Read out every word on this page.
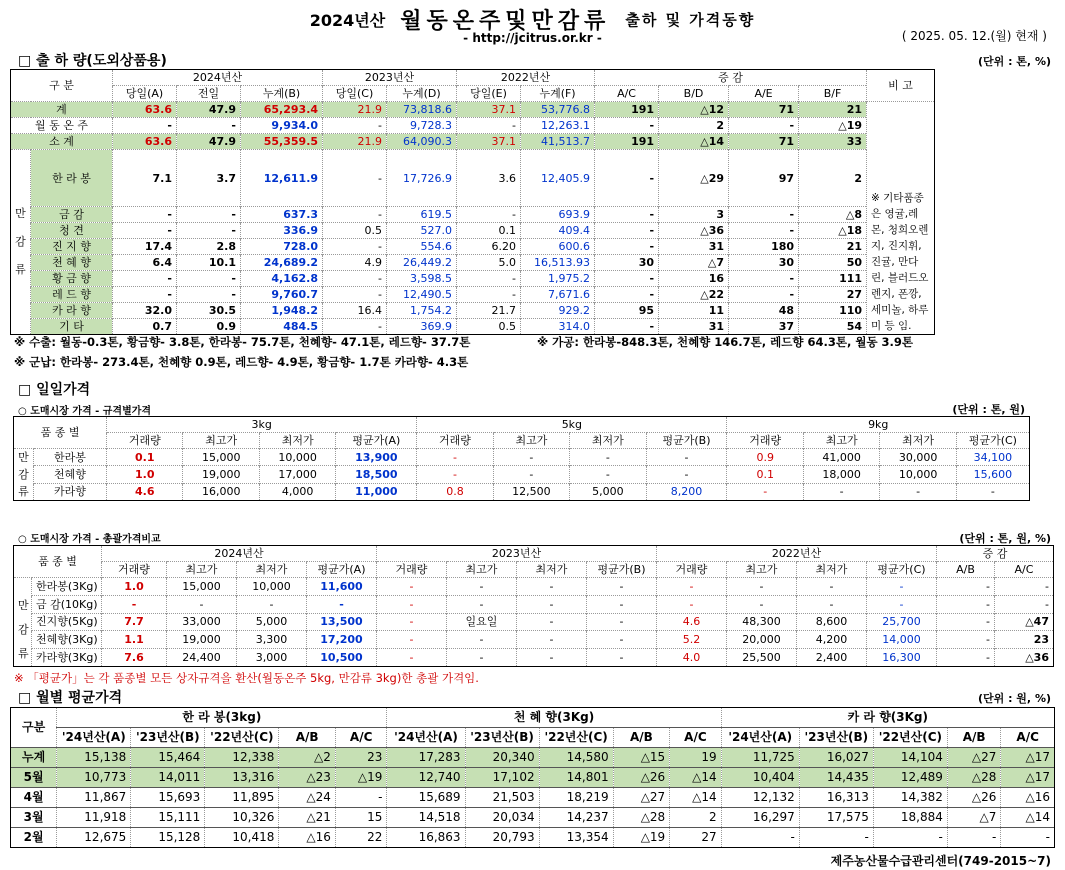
2024년산 월동온주및만감류 출하 및 가격동향
- http://jcitrus.or.kr -	( 2025. 05. 12.(월) 현재 )
□ 출 하 량(도외상품용)	(단위 : 톤, %)
구 분		2024년산			2023년산		2022년산		증 감				비 고
		당일(A)	전일	누계(B)	당일(C)	누계(D)	당일(E)	누계(F)	A/C	B/D	A/E	B/F	
계		63.6	47.9	65,293.4	21.9	73,818.6	37.1	53,776.8	191	△12	71	21	※ 기타품종은 영귤,레몬, 청희오렌지, 진지휘, 진귤, 만다린, 블러드오렌지, 폰깡,세미놀, 하루미 등 임.
월 동 온 주		-	-	9,934.0	-	9,728.3	-	12,263.1	-	2	-	△19	
소 계		63.6	47.9	55,359.5	21.9	64,090.3	37.1	41,513.7	191	△14	71	33	

만
감
류	한 라 봉	7.1	3.7	12,611.9	-	17,726.9	3.6	12,405.9	-	△29	97	2	
	금 감	-	-	637.3	-	619.5	-	693.9	-	3	-	△8	
	청 견	-	-	336.9	0.5	527.0	0.1	409.4	-	△36	-	△18	
	진 지 향	17.4	2.8	728.0	-	554.6	6.20	600.6	-	31	180	21	
	천 혜 향	6.4	10.1	24,689.2	4.9	26,449.2	5.0	16,513.93	30	△7	30	50	
	황 금 향	-	-	4,162.8	-	3,598.5	-	1,975.2	-	16	-	111	
	레 드 향	-	-	9,760.7	-	12,490.5	-	7,671.6	-	△22	-	27	
	카 라 향	32.0	30.5	1,948.2	16.4	1,754.2	21.7	929.2	95	11	48	110	
	기 타	0.7	0.9	484.5	-	369.9	0.5	314.0	-	31	37	54	
※ 수출: 월동-0.3톤, 황금향- 3.8톤, 한라봉- 75.7톤, 천혜향- 47.1톤, 레드향- 37.7톤	※ 가공: 한라봉-848.3톤, 천혜향 146.7톤, 레드향 64.3톤, 월동 3.9톤
※ 군납: 한라봉- 273.4톤, 천혜향 0.9톤, 레드향- 4.9톤, 황금향- 1.7톤 카라향- 4.3톤
□ 일일가격
○ 도매시장 가격 - 규격별가격	(단위 : 톤, 원)
품 종 별		3kg				5kg				9kg			
		거래량	최고가	최저가	평균가(A)	거래량	최고가	최저가	평균가(B)	거래량	최고가	최저가	평균가(C)

만
감
류	한라봉	0.1	15,000	10,000	13,900	-	-	-	-	0.9	41,000	30,000	34,100
	천혜향	1.0	19,000	17,000	18,500	-	-	-	-	0.1	18,000	10,000	15,600
	카라향	4.6	16,000	4,000	11,000	0.8	12,500	5,000	8,200	-	-	-	-
○ 도매시장 가격 - 총괄가격비교	(단위 : 톤, 원, %)
품 종 별		2024년산				2023년산				2022년산				증 감	
		거래량	최고가	최저가	평균가(A)	거래량	최고가	최저가	평균가(B)	거래량	최고가	최저가	평균가(C)	A/B	A/C

만
감
류	한라봉(3Kg)	1.0	15,000	10,000	11,600	-	-	-	-	-	-	-	-	-	-
	금 감(10Kg)	-	-	-	-	-	-	-	-	-	-	-	-	-	-
	진지향(5Kg)	7.7	33,000	5,000	13,500	-	일요일	-	-	4.6	48,300	8,600	25,700	-	△47
	천혜향(3Kg)	1.1	19,000	3,300	17,200	-	-	-	-	5.2	20,000	4,200	14,000	-	23
	카라향(3Kg)	7.6	24,400	3,000	10,500	-	-	-	-	4.0	25,500	2,400	16,300	-	△36
※ 「평균가」는 각 품종별 모든 상자규격을 환산(월동온주 5kg, 만감류 3kg)한 총괄 가격임.
□ 월별 평균가격	(단위 : 원, %)
구분	한 라 봉(3kg)					천 혜 향(3Kg)					카 라 향(3Kg)				
	'24년산(A)	'23년산(B)	'22년산(C)	A/B	A/C	'24년산(A)	'23년산(B)	'22년산(C)	A/B	A/C	'24년산(A)	'23년산(B)	'22년산(C)	A/B	A/C
누계	15,138	15,464	12,338	△2	23	17,283	20,340	14,580	△15	19	11,725	16,027	14,104	△27	△17
5월	10,773	14,011	13,316	△23	△19	12,740	17,102	14,801	△26	△14	10,404	14,435	12,489	△28	△17
4월	11,867	15,693	11,895	△24	-	15,689	21,503	18,219	△27	△14	12,132	16,313	14,382	△26	△16
3월	11,918	15,111	10,326	△21	15	14,518	20,034	14,237	△28	2	16,297	17,575	18,884	△7	△14
2월	12,675	15,128	10,418	△16	22	16,863	20,793	13,354	△19	27	-	-	-	-	-
제주농산물수급관리센터(749-2015~7)
